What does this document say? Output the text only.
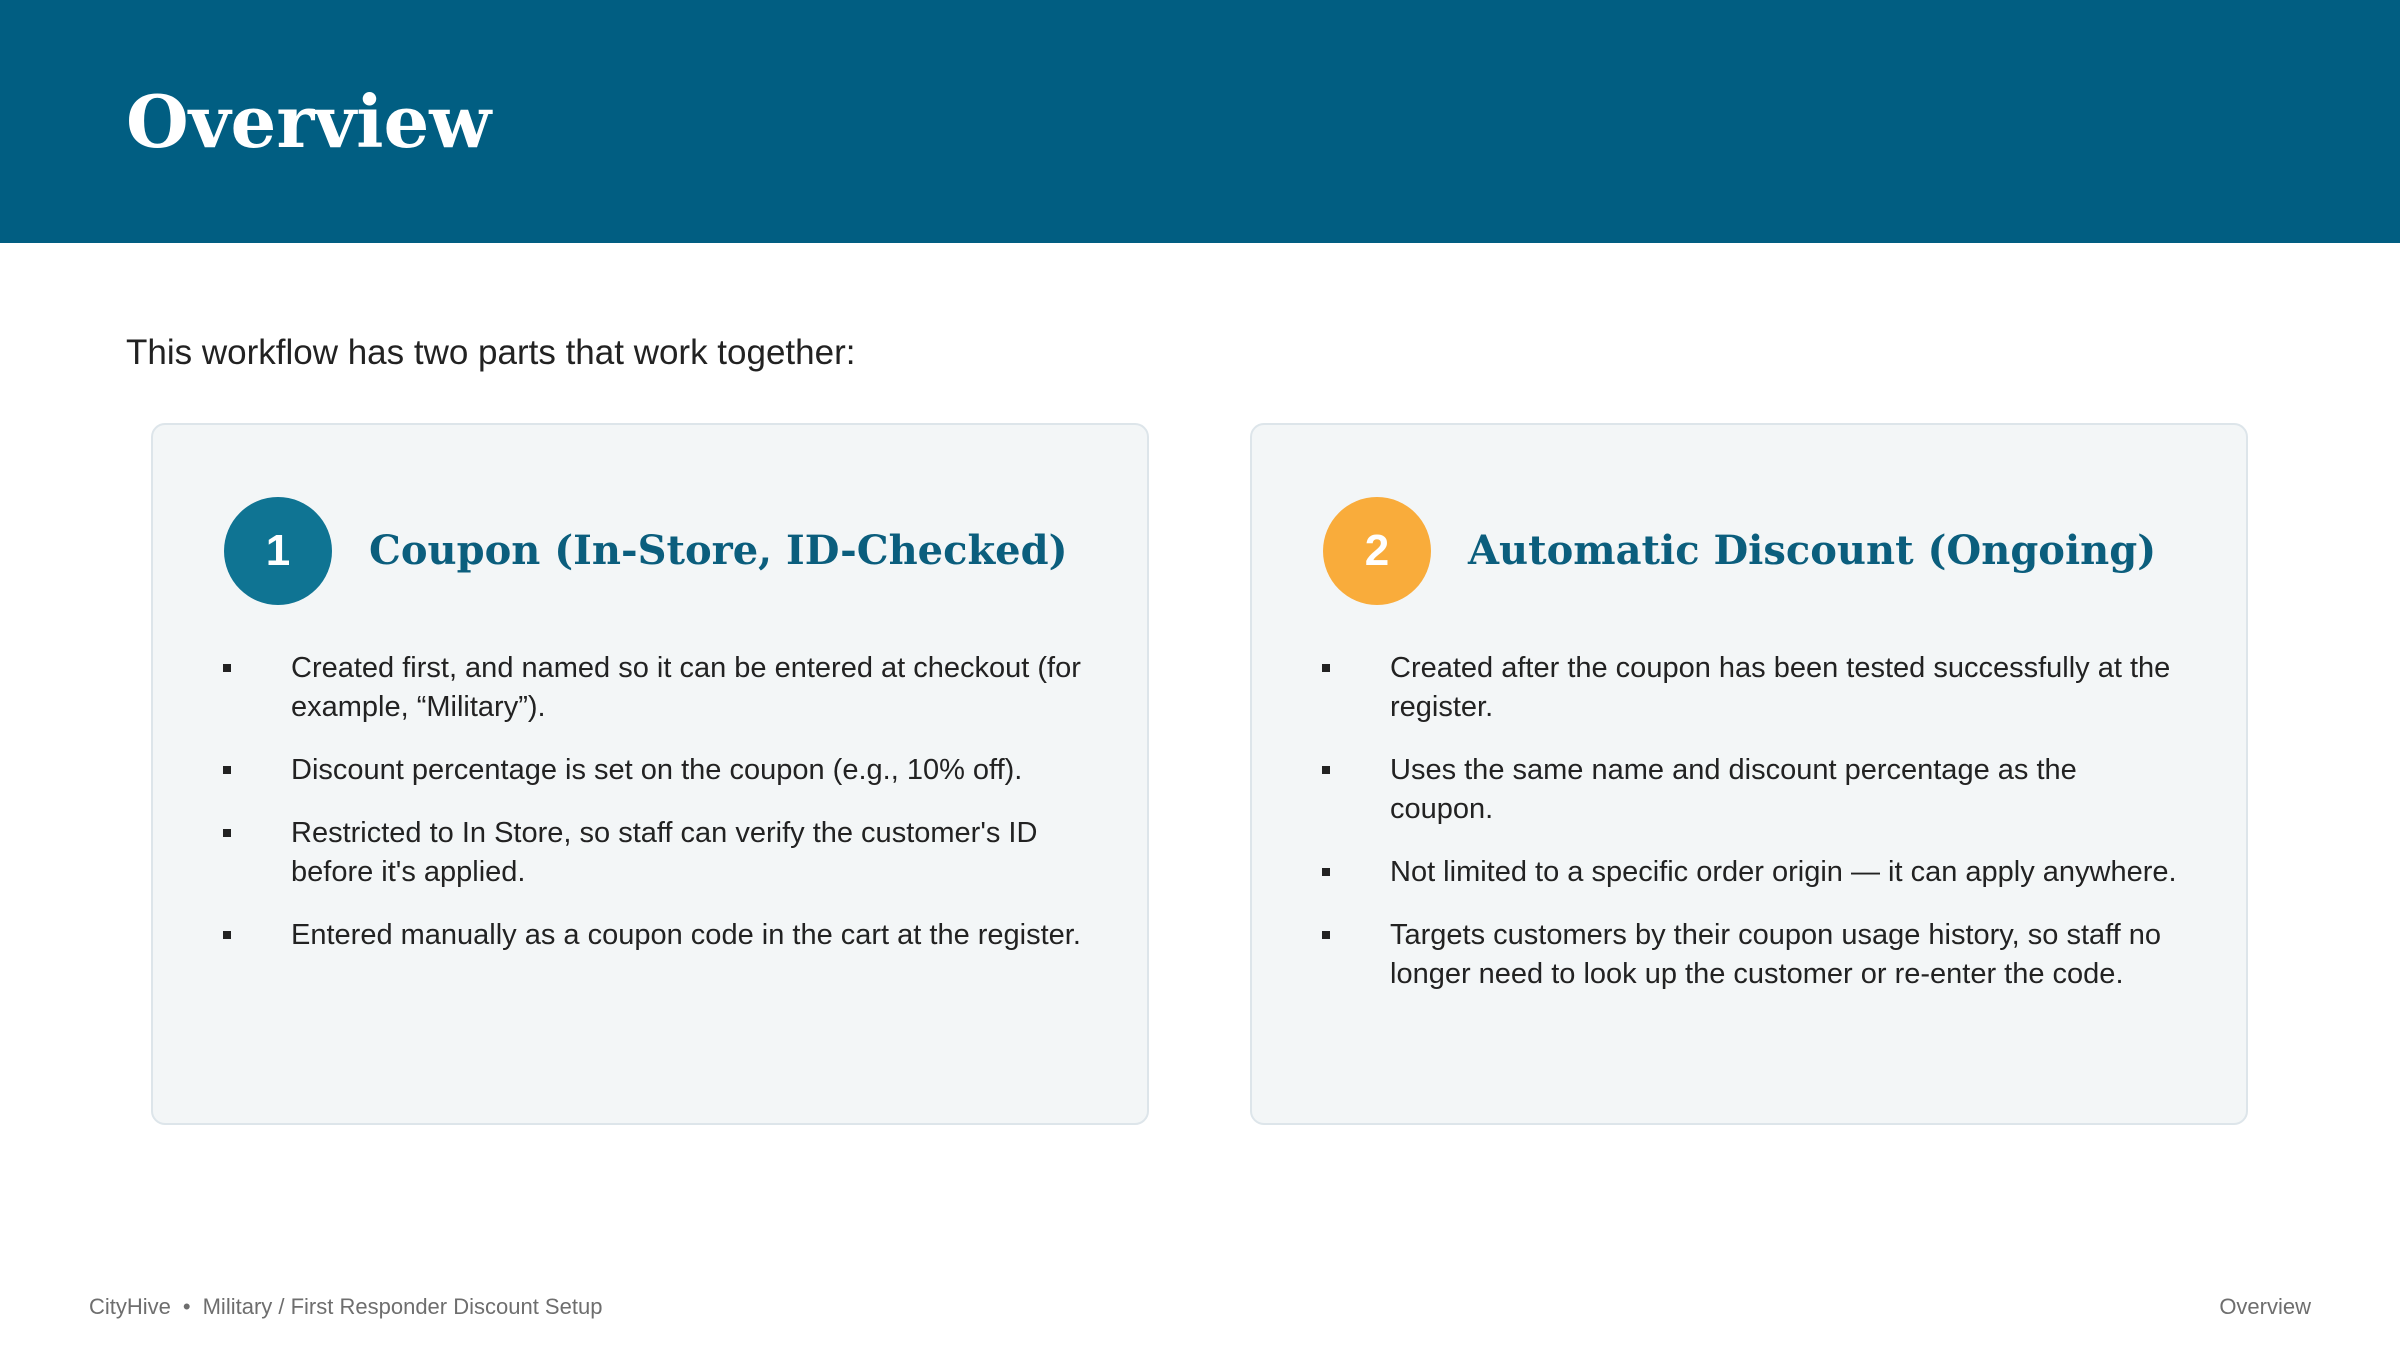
Overview

This workflow has two parts that work together:

1	Coupon (In-Store, ID-Checked)
Created first, and named so it can be entered at checkout (for example, “Military”).
Discount percentage is set on the coupon (e.g., 10% off).
Restricted to In Store, so staff can verify the customer's ID before it's applied.
Entered manually as a coupon code in the cart at the register.
2	Automatic Discount (Ongoing)
Created after the coupon has been tested successfully at the register.
Uses the same name and discount percentage as the coupon.
Not limited to a specific order origin — it can apply anywhere.
Targets customers by their coupon usage history, so staff no longer need to look up the customer or re-enter the code.
CityHive • Military / First Responder Discount Setup	Overview
